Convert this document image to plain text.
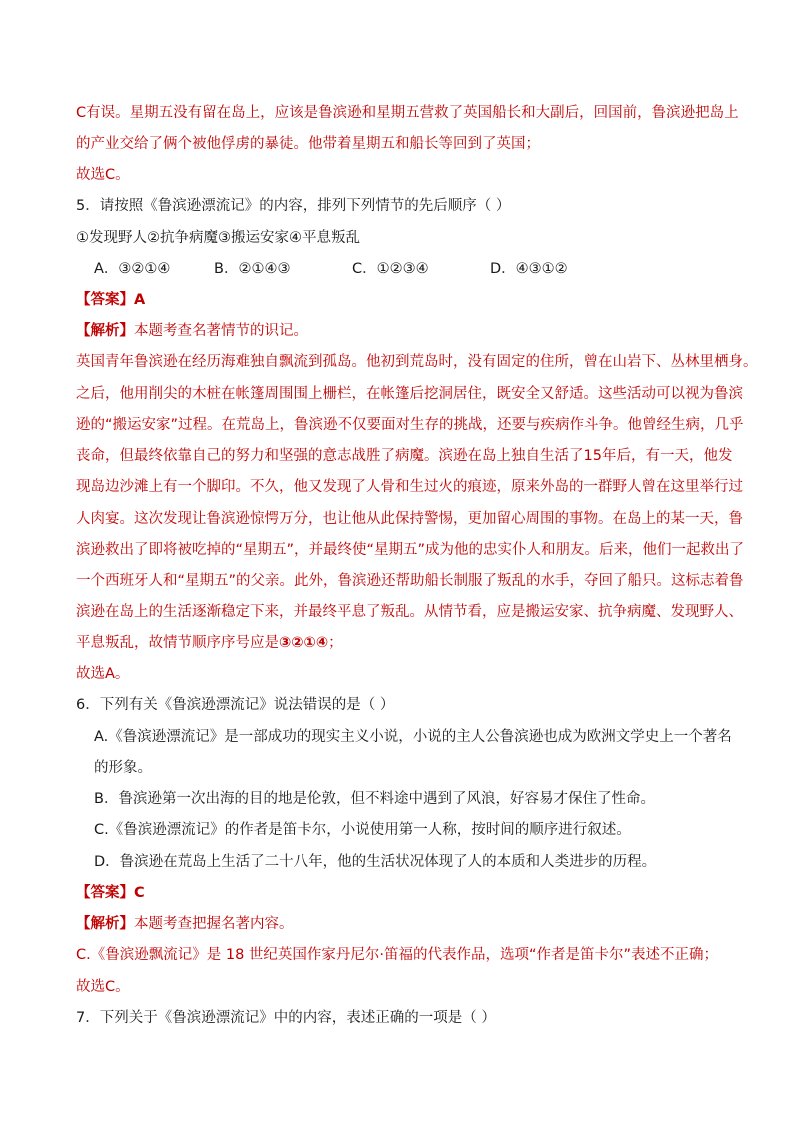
C有误。星期五没有留在岛上，应该是鲁滨逊和星期五营救了英国船长和大副后，回国前，鲁滨逊把岛上
的产业交给了俩个被他俘虏的暴徒。他带着星期五和船长等回到了英国；
故选C。
5．请按照《鲁滨逊漂流记》的内容，排列下列情节的先后顺序（ ）
①发现野人②抗争病魔③搬运安家④平息叛乱
A．③②①④	B．②①④③	C．①②③④	D．④③①②
【答案】A
【解析】本题考查名著情节的识记。
英国青年鲁滨逊在经历海难独自飘流到孤岛。他初到荒岛时，没有固定的住所，曾在山岩下、丛林里栖身。
之后，他用削尖的木桩在帐篷周围围上栅栏，在帐篷后挖洞居住，既安全又舒适。这些活动可以视为鲁滨
逊的“搬运安家”过程。在荒岛上，鲁滨逊不仅要面对生存的挑战，还要与疾病作斗争。他曾经生病，几乎
丧命，但最终依靠自己的努力和坚强的意志战胜了病魔。滨逊在岛上独自生活了15年后，有一天，他发
现岛边沙滩上有一个脚印。不久，他又发现了人骨和生过火的痕迹，原来外岛的一群野人曾在这里举行过
人肉宴。这次发现让鲁滨逊惊愕万分，也让他从此保持警惕，更加留心周围的事物。在岛上的某一天，鲁
滨逊救出了即将被吃掉的“星期五”，并最终使“星期五”成为他的忠实仆人和朋友。后来，他们一起救出了
一个西班牙人和“星期五”的父亲。此外，鲁滨逊还帮助船长制服了叛乱的水手，夺回了船只。这标志着鲁
滨逊在岛上的生活逐渐稳定下来，并最终平息了叛乱。从情节看，应是搬运安家、抗争病魔、发现野人、
平息叛乱，故情节顺序序号应是③②①④；
故选A。
6．下列有关《鲁滨逊漂流记》说法错误的是（ ）
A.《鲁滨逊漂流记》是一部成功的现实主义小说，小说的主人公鲁滨逊也成为欧洲文学史上一个著名
的形象。
B．鲁滨逊第一次出海的目的地是伦敦，但不料途中遇到了风浪，好容易才保住了性命。
C.《鲁滨逊漂流记》的作者是笛卡尔，小说使用第一人称，按时间的顺序进行叙述。
D．鲁滨逊在荒岛上生活了二十八年，他的生活状况体现了人的本质和人类进步的历程。
【答案】C
【解析】本题考查把握名著内容。
C.《鲁滨逊飘流记》是 18 世纪英国作家丹尼尔·笛福的代表作品，选项“作者是笛卡尔”表述不正确；
故选C。
7．下列关于《鲁滨逊漂流记》中的内容，表述正确的一项是（ ）
